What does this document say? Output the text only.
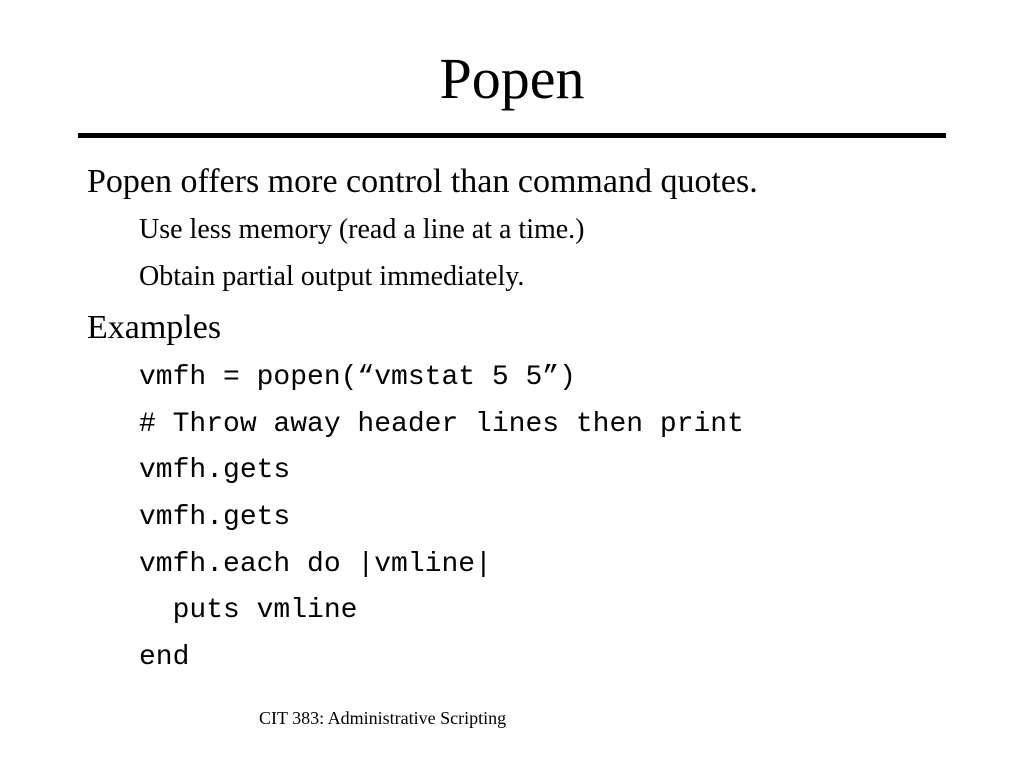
Popen
Popen offers more control than command quotes.
Use less memory (read a line at a time.)
Obtain partial output immediately.
Examples
vmfh = popen(“vmstat 5 5”)
# Throw away header lines then print
vmfh.gets
vmfh.gets
vmfh.each do |vmline|
puts vmline
end
CIT 383: Administrative Scripting
